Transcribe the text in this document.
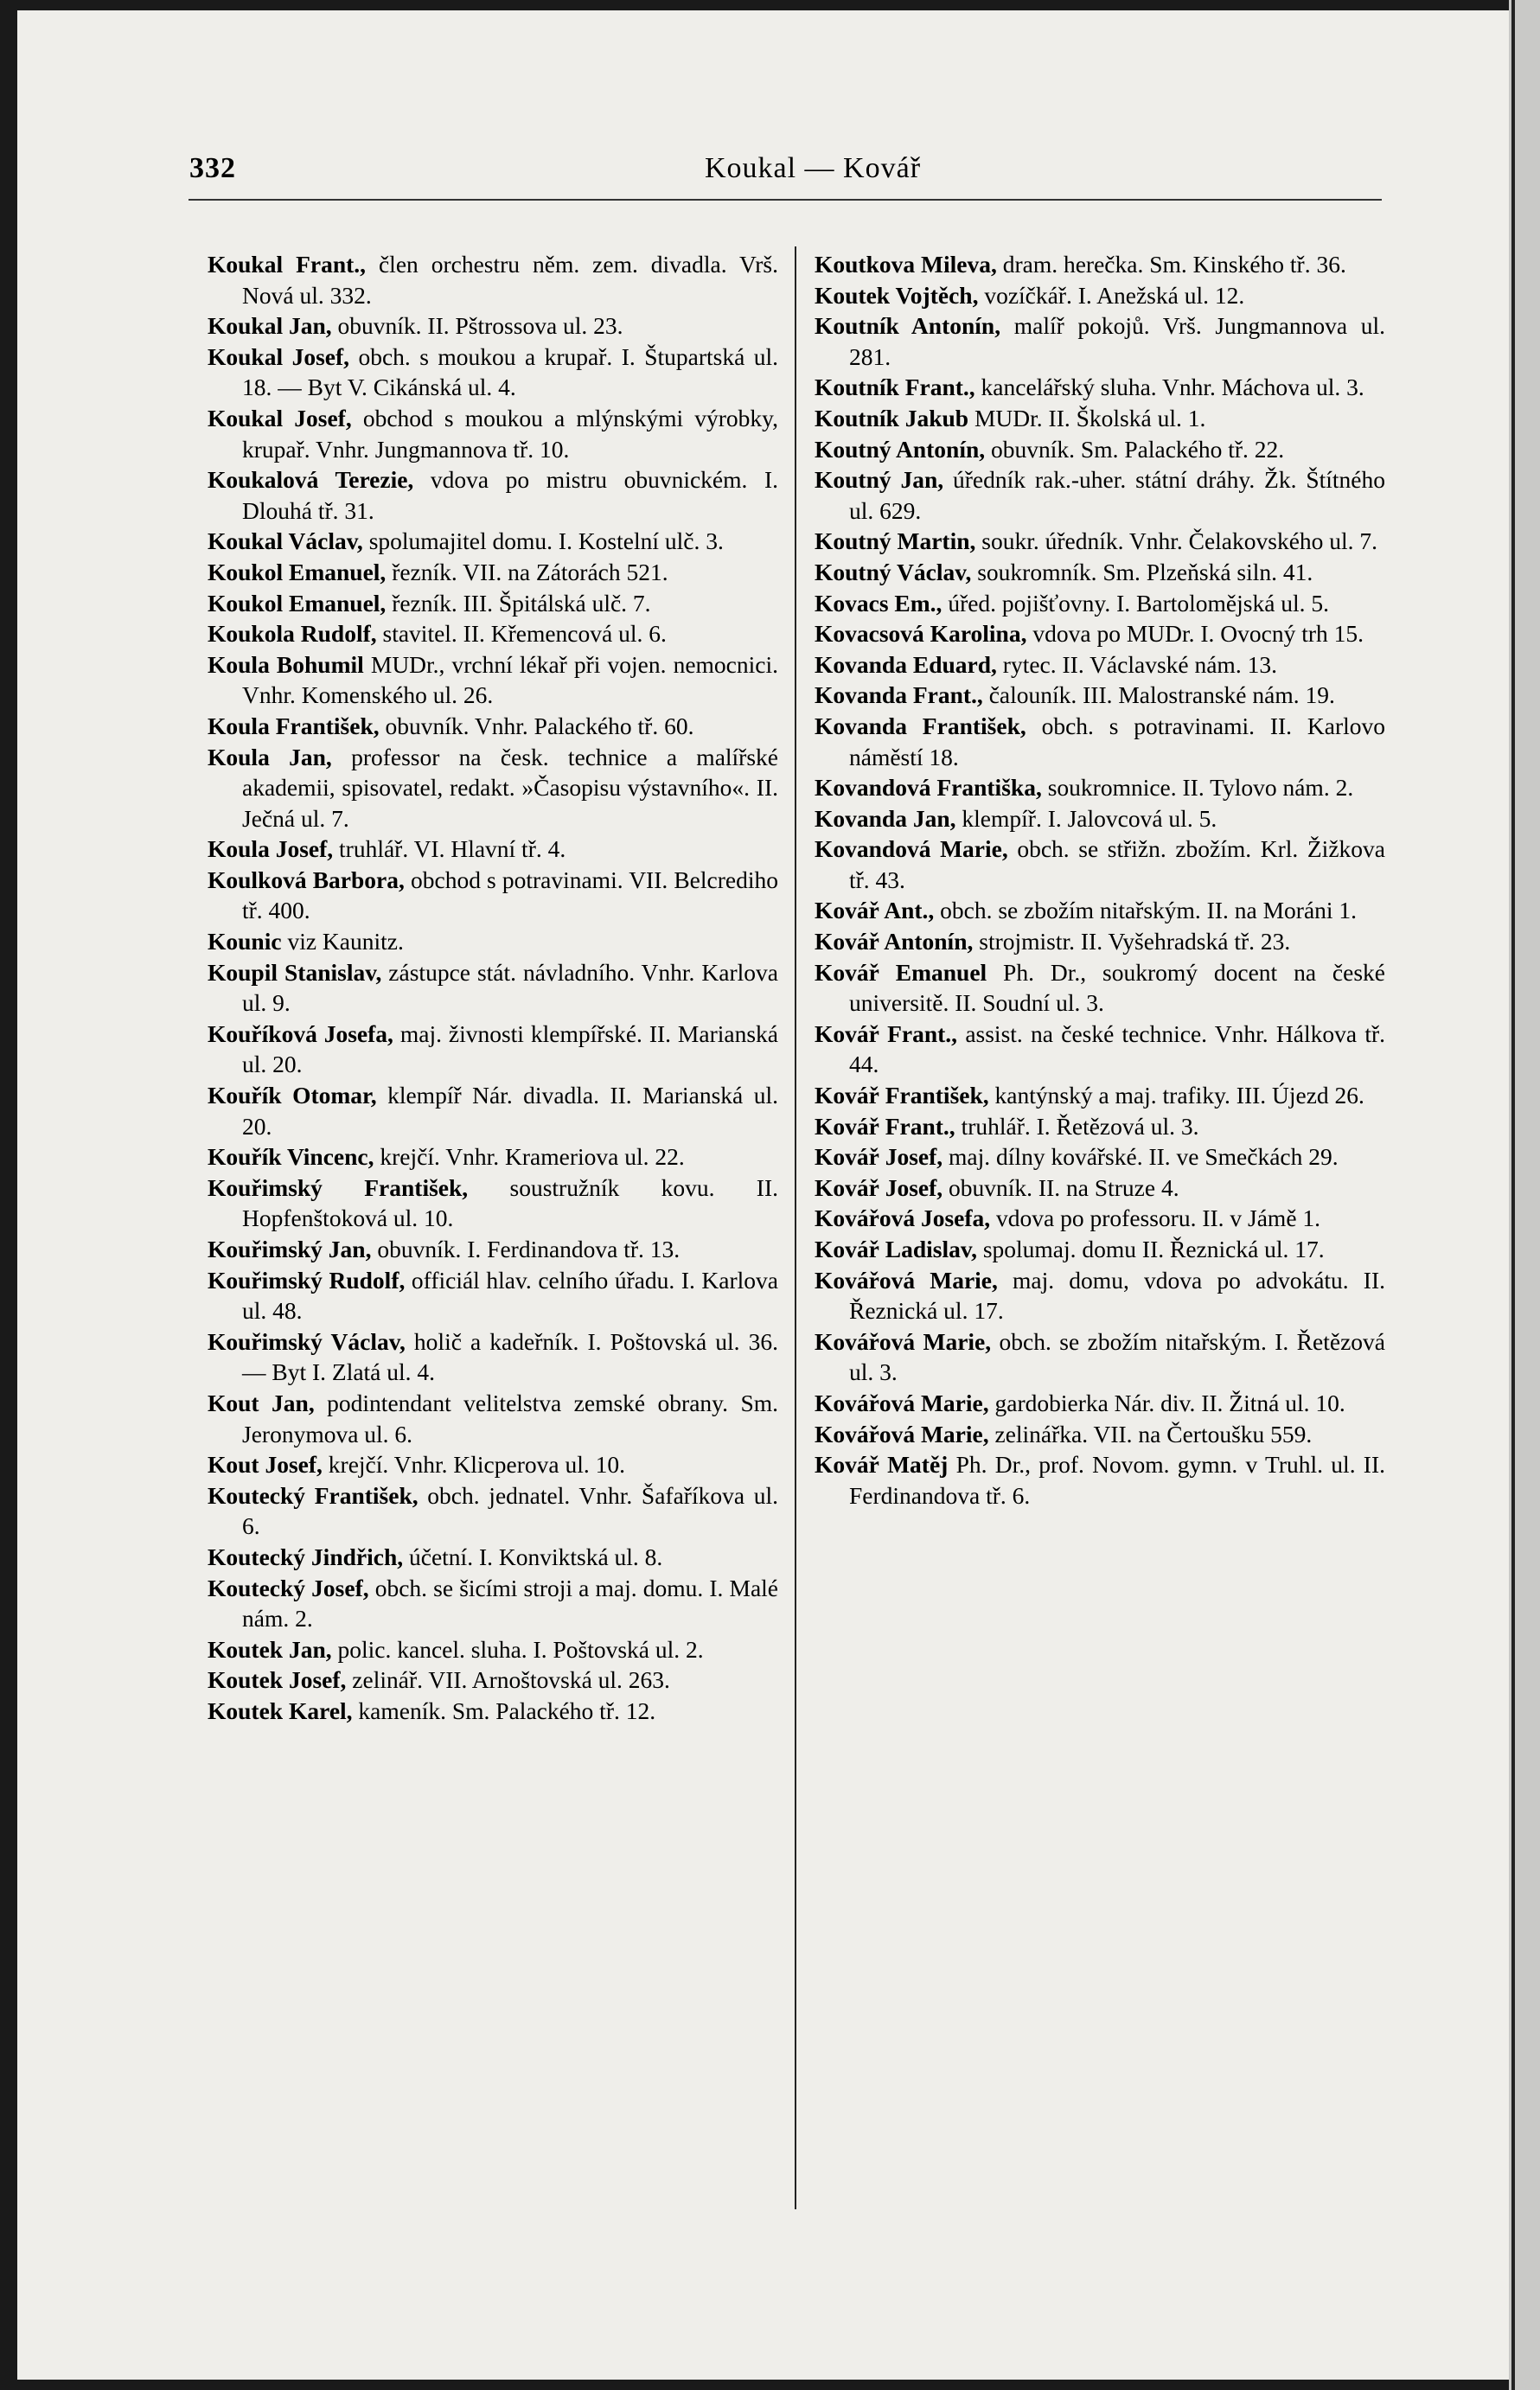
332	Koukal — Kovář

Koukal Frant., člen orchestru něm. zem. divadla. Vrš. Nová ul. 332.

Koukal Jan, obuvník. II. Pštrossova ul. 23.

Koukal Josef, obch. s moukou a krupař. I. Štupartská ul. 18. — Byt V. Cikánská ul. 4.

Koukal Josef, obchod s moukou a mlýnskými výrobky, krupař. Vnhr. Jungmannova tř. 10.

Koukalová Terezie, vdova po mistru obuvnickém. I. Dlouhá tř. 31.

Koukal Václav, spolumajitel domu. I. Kostelní ulč. 3.

Koukol Emanuel, řezník. VII. na Zátorách 521.

Koukol Emanuel, řezník. III. Špitálská ulč. 7.

Koukola Rudolf, stavitel. II. Křemencová ul. 6.

Koula Bohumil MUDr., vrchní lékař při vojen. nemocnici. Vnhr. Komenského ul. 26.

Koula František, obuvník. Vnhr. Palackého tř. 60.

Koula Jan, professor na česk. technice a malířské akademii, spisovatel, redakt. »Časopisu výstavního«. II. Ječná ul. 7.

Koula Josef, truhlář. VI. Hlavní tř. 4.

Koulková Barbora, obchod s potravinami. VII. Belcrediho tř. 400.

Kounic viz Kaunitz.

Koupil Stanislav, zástupce stát. návladního. Vnhr. Karlova ul. 9.

Kouříková Josefa, maj. živnosti klempířské. II. Marianská ul. 20.

Kouřík Otomar, klempíř Nár. divadla. II. Marianská ul. 20.

Kouřík Vincenc, krejčí. Vnhr. Krameriova ul. 22.

Kouřimský František, soustružník kovu. II. Hopfenštoková ul. 10.

Kouřimský Jan, obuvník. I. Ferdinandova tř. 13.

Kouřimský Rudolf, officiál hlav. celního úřadu. I. Karlova ul. 48.

Kouřimský Václav, holič a kadeřník. I. Poštovská ul. 36. — Byt I. Zlatá ul. 4.

Kout Jan, podintendant velitelstva zemské obrany. Sm. Jeronymova ul. 6.

Kout Josef, krejčí. Vnhr. Klicperova ul. 10.

Koutecký František, obch. jednatel. Vnhr. Šafaříkova ul. 6.

Koutecký Jindřich, účetní. I. Konviktská ul. 8.

Koutecký Josef, obch. se šicími stroji a maj. domu. I. Malé nám. 2.

Koutek Jan, polic. kancel. sluha. I. Poštovská ul. 2.

Koutek Josef, zelinář. VII. Arnoštovská ul. 263.

Koutek Karel, kameník. Sm. Palackého tř. 12.

Koutkova Mileva, dram. herečka. Sm. Kinského tř. 36.

Koutek Vojtěch, vozíčkář. I. Anežská ul. 12.

Koutník Antonín, malíř pokojů. Vrš. Jungmannova ul. 281.

Koutník Frant., kancelářský sluha. Vnhr. Máchova ul. 3.

Koutník Jakub MUDr. II. Školská ul. 1.

Koutný Antonín, obuvník. Sm. Palackého tř. 22.

Koutný Jan, úředník rak.-uher. státní dráhy. Žk. Štítného ul. 629.

Koutný Martin, soukr. úředník. Vnhr. Čelakovského ul. 7.

Koutný Václav, soukromník. Sm. Plzeňská siln. 41.

Kovacs Em., úřed. pojišťovny. I. Bartolomějská ul. 5.

Kovacsová Karolina, vdova po MUDr. I. Ovocný trh 15.

Kovanda Eduard, rytec. II. Václavské nám. 13.

Kovanda Frant., čalouník. III. Malostranské nám. 19.

Kovanda František, obch. s potravinami. II. Karlovo náměstí 18.

Kovandová Františka, soukromnice. II. Tylovo nám. 2.

Kovanda Jan, klempíř. I. Jalovcová ul. 5.

Kovandová Marie, obch. se střižn. zbožím. Krl. Žižkova tř. 43.

Kovář Ant., obch. se zbožím nitařským. II. na Moráni 1.

Kovář Antonín, strojmistr. II. Vyšehradská tř. 23.

Kovář Emanuel Ph. Dr., soukromý docent na české universitě. II. Soudní ul. 3.

Kovář Frant., assist. na české technice. Vnhr. Hálkova tř. 44.

Kovář František, kantýnský a maj. trafiky. III. Újezd 26.

Kovář Frant., truhlář. I. Řetězová ul. 3.

Kovář Josef, maj. dílny kovářské. II. ve Smečkách 29.

Kovář Josef, obuvník. II. na Struze 4.

Kovářová Josefa, vdova po professoru. II. v Jámě 1.

Kovář Ladislav, spolumaj. domu II. Řeznická ul. 17.

Kovářová Marie, maj. domu, vdova po advokátu. II. Řeznická ul. 17.

Kovářová Marie, obch. se zbožím nitařským. I. Řetězová ul. 3.

Kovářová Marie, gardobierka Nár. div. II. Žitná ul. 10.

Kovářová Marie, zelinářka. VII. na Čertoušku 559.

Kovář Matěj Ph. Dr., prof. Novom. gymn. v Truhl. ul. II. Ferdinandova tř. 6.
